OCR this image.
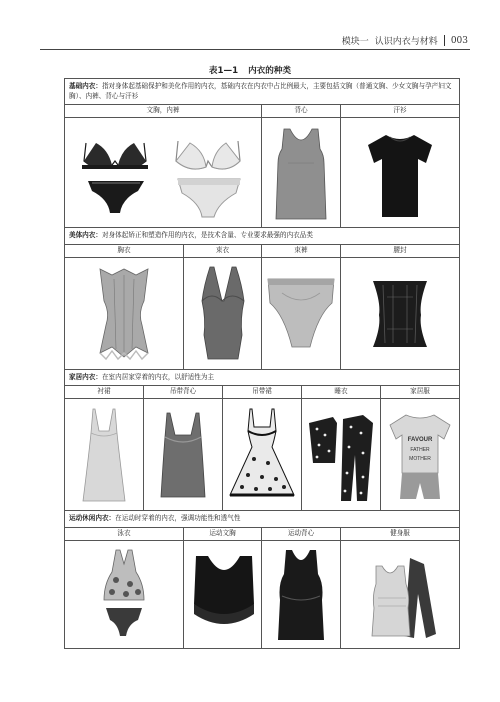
模块一 认识内衣与材料 003
表1—1 内衣的种类
基础内衣：指对身体起基础保护和美化作用的内衣，基础内衣在内衣中占比例最大，主要包括文胸（普通文胸、少女文胸与孕产妇文胸）、内裤、背心与汗衫							
文胸，内裤				背心		汗衫	

美体内衣：对身体起矫正和塑造作用的内衣，是技术含量、专业要求最强的内衣品类							
胸衣		束衣		束裤		腰封	

家居内衣：在室内居家穿着的内衣，以舒适性为主							
衬裙	吊带背心		吊带裙		睡衣		家居服

FAVOUR
FATHER
MOTHER

运动休闲内衣：在运动时穿着的内衣，强调功能性和透气性							
泳衣		运动文胸		运动背心		健身服	
